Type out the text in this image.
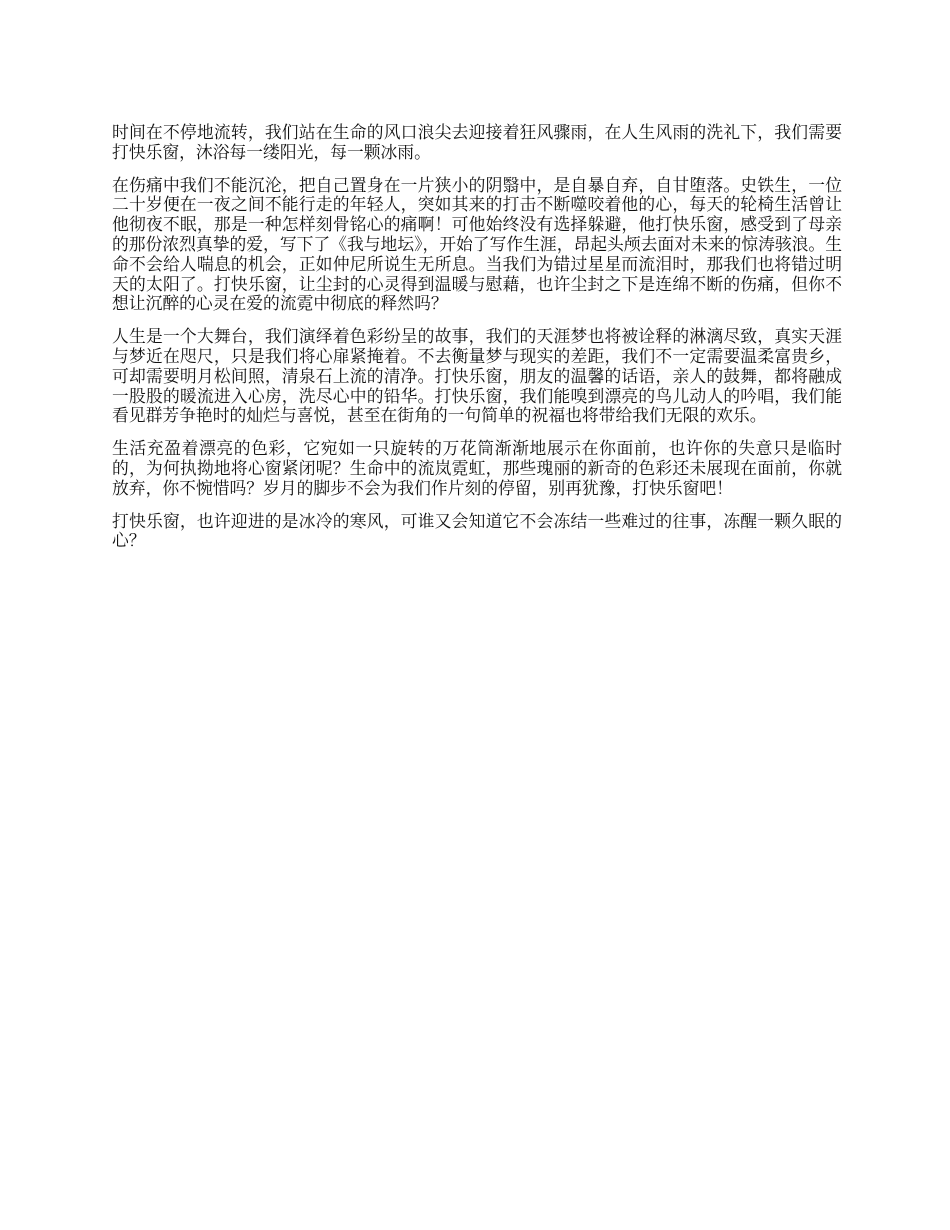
时间在不停地流转，我们站在生命的风口浪尖去迎接着狂风骤雨，在人生风雨的洗礼下，我们需要打快乐窗，沐浴每一缕阳光，每一颗冰雨。

在伤痛中我们不能沉沦，把自己置身在一片狭小的阴翳中，是自暴自弃，自甘堕落。史铁生，一位二十岁便在一夜之间不能行走的年轻人，突如其来的打击不断噬咬着他的心，每天的轮椅生活曾让他彻夜不眠，那是一种怎样刻骨铭心的痛啊！可他始终没有选择躲避，他打快乐窗，感受到了母亲的那份浓烈真挚的爱，写下了《我与地坛》，开始了写作生涯，昂起头颅去面对未来的惊涛骇浪。生命不会给人喘息的机会，正如仲尼所说生无所息。当我们为错过星星而流泪时，那我们也将错过明天的太阳了。打快乐窗，让尘封的心灵得到温暖与慰藉，也许尘封之下是连绵不断的伤痛，但你不想让沉醉的心灵在爱的流霓中彻底的释然吗？

人生是一个大舞台，我们演绎着色彩纷呈的故事，我们的天涯梦也将被诠释的淋漓尽致，真实天涯与梦近在咫尺，只是我们将心扉紧掩着。不去衡量梦与现实的差距，我们不一定需要温柔富贵乡，可却需要明月松间照，清泉石上流的清净。打快乐窗，朋友的温馨的话语，亲人的鼓舞，都将融成一股股的暖流进入心房，洗尽心中的铅华。打快乐窗，我们能嗅到漂亮的鸟儿动人的吟唱，我们能看见群芳争艳时的灿烂与喜悦，甚至在街角的一句简单的祝福也将带给我们无限的欢乐。

生活充盈着漂亮的色彩，它宛如一只旋转的万花筒渐渐地展示在你面前，也许你的失意只是临时的，为何执拗地将心窗紧闭呢？生命中的流岚霓虹，那些瑰丽的新奇的色彩还未展现在面前，你就放弃，你不惋惜吗？岁月的脚步不会为我们作片刻的停留，别再犹豫，打快乐窗吧！

打快乐窗，也许迎进的是冰冷的寒风，可谁又会知道它不会冻结一些难过的往事，冻醒一颗久眠的心？
